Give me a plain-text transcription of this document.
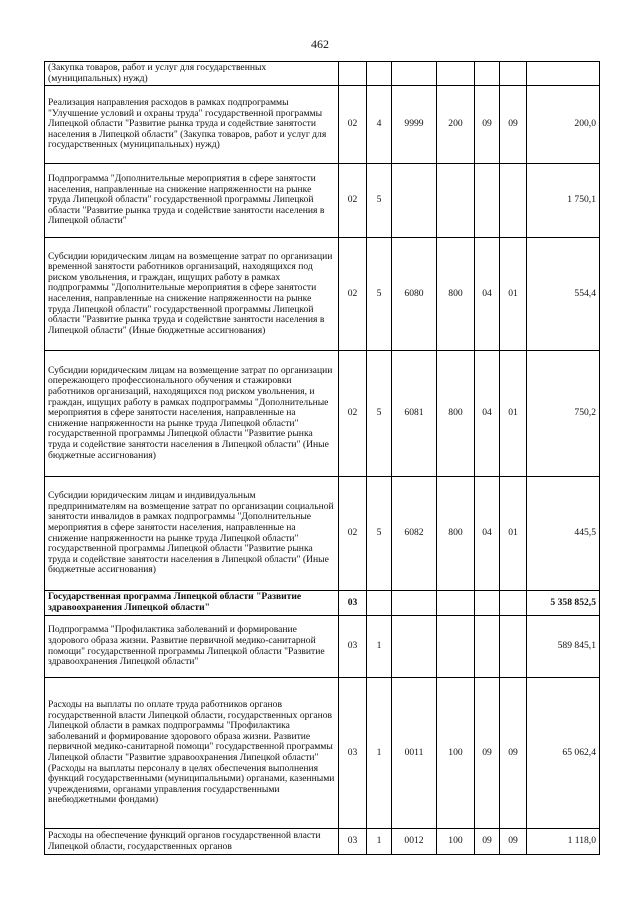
462
(Закупка товаров, работ и услуг для государственных (муниципальных) нужд)							
Реализация направления расходов в рамках подпрограммы "Улучшение условий и охраны труда" государственной программы Липецкой области "Развитие рынка труда и содействие занятости населения в Липецкой области" (Закупка товаров, работ и услуг для государственных (муниципальных) нужд)	02	4	9999	200	09	09	200,0
Подпрограмма "Дополнительные мероприятия в сфере занятости населения, направленные на снижение напряженности на рынке труда Липецкой области" государственной программы Липецкой области "Развитие рынка труда и содействие занятости населения в Липецкой области"	02	5					1 750,1
Субсидии юридическим лицам на возмещение затрат по организации временной занятости работников организаций, находящихся под риском увольнения, и граждан, ищущих работу в рамках подпрограммы "Дополнительные мероприятия в сфере занятости населения, направленные на снижение напряженности на рынке труда Липецкой области" государственной программы Липецкой области "Развитие рынка труда и содействие занятости населения в Липецкой области" (Иные бюджетные ассигнования)	02	5	6080	800	04	01	554,4
Субсидии юридическим лицам на возмещение затрат по организации опережающего профессионального обучения и стажировки работников организаций, находящихся под риском увольнения, и граждан, ищущих работу в рамках подпрограммы "Дополнительные мероприятия в сфере занятости населения, направленные на снижение напряженности на рынке труда Липецкой области" государственной программы Липецкой области "Развитие рынка труда и содействие занятости населения в Липецкой области" (Иные бюджетные ассигнования)	02	5	6081	800	04	01	750,2
Субсидии юридическим лицам и индивидуальным предпринимателям на возмещение затрат по организации социальной занятости инвалидов в рамках подпрограммы "Дополнительные мероприятия в сфере занятости населения, направленные на снижение напряженности на рынке труда Липецкой области" государственной программы Липецкой области "Развитие рынка труда и содействие занятости населения в Липецкой области" (Иные бюджетные ассигнования)	02	5	6082	800	04	01	445,5
Государственная программа Липецкой области "Развитие здравоохранения Липецкой области"	03						5 358 852,5
Подпрограмма "Профилактика заболеваний и формирование здорового образа жизни. Развитие первичной медико-санитарной помощи" государственной программы Липецкой области "Развитие здравоохранения Липецкой области"	03	1					589 845,1
Расходы на выплаты по оплате труда работников органов государственной власти Липецкой области, государственных органов Липецкой области в рамках подпрограммы "Профилактика заболеваний и формирование здорового образа жизни. Развитие первичной медико-санитарной помощи" государственной программы Липецкой области "Развитие здравоохранения Липецкой области" (Расходы на выплаты персоналу в целях обеспечения выполнения функций государственными (муниципальными) органами, казенными учреждениями, органами управления государственными внебюджетными фондами)	03	1	0011	100	09	09	65 062,4
Расходы на обеспечение функций органов государственной власти Липецкой области, государственных органов	03	1	0012	100	09	09	1 118,0
